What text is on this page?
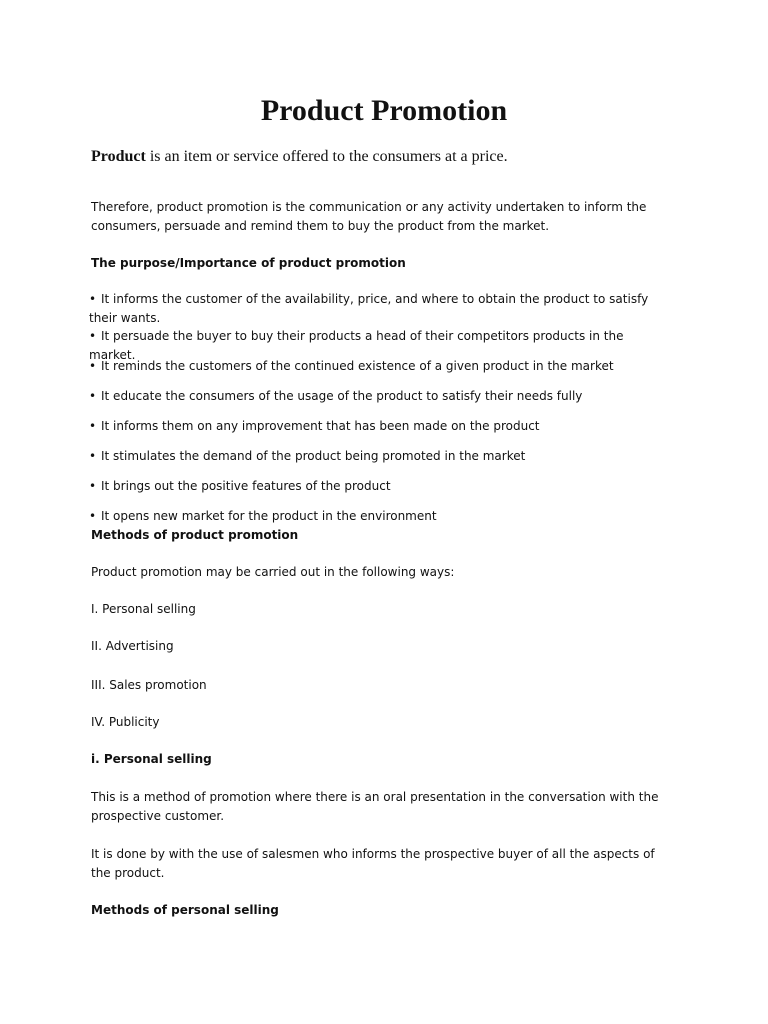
Product Promotion

Product is an item or service offered to the consumers at a price.

Therefore, product promotion is the communication or any activity undertaken to inform the consumers, persuade and remind them to buy the product from the market.

The purpose/Importance of product promotion

• It informs the customer of the availability, price, and where to obtain the product to satisfy their wants.

• It persuade the buyer to buy their products a head of their competitors products in the market.

• It reminds the customers of the continued existence of a given product in the market

• It educate the consumers of the usage of the product to satisfy their needs fully

• It informs them on any improvement that has been made on the product

• It stimulates the demand of the product being promoted in the market

• It brings out the positive features of the product

• It opens new market for the product in the environment

Methods of product promotion

Product promotion may be carried out in the following ways:

I. Personal selling

II. Advertising

III. Sales promotion

IV. Publicity

i. Personal selling

This is a method of promotion where there is an oral presentation in the conversation with the prospective customer.

It is done by with the use of salesmen who informs the prospective buyer of all the aspects of the product.

Methods of personal selling
